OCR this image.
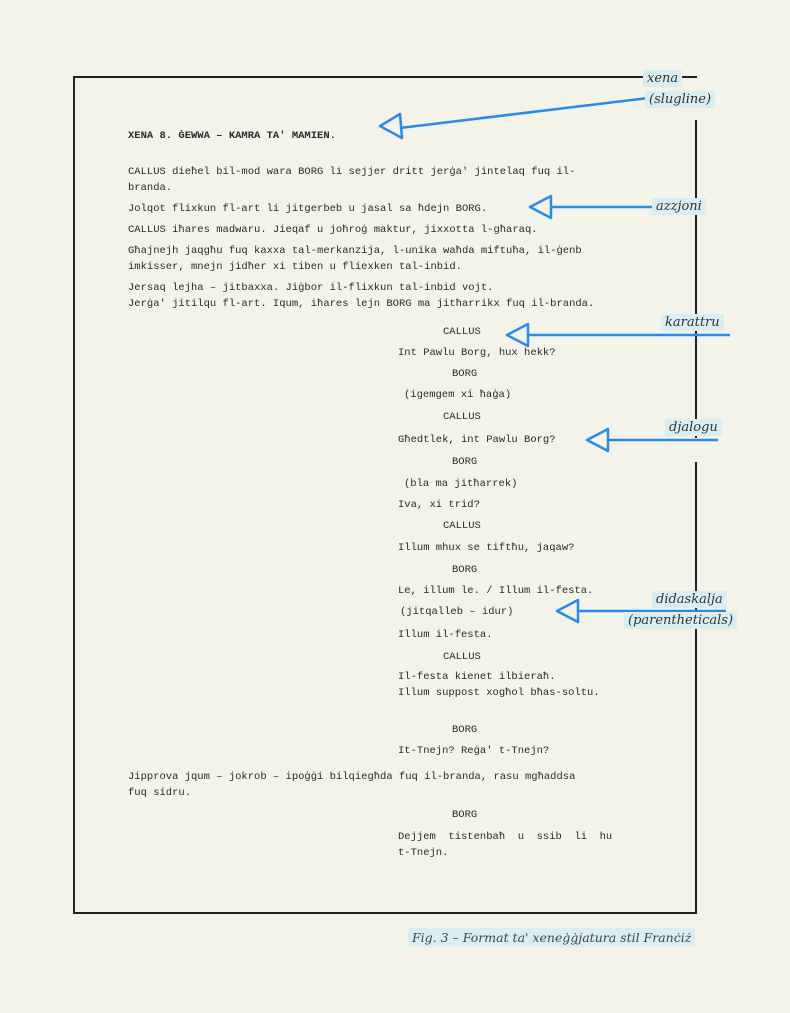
XENA 8. ĠEWWA – KAMRA TA' MAMIEN.
CALLUS dieħel bil-mod wara BORG li sejjer dritt jerġa' jintelaq fuq il-
branda.
Jolqot flixkun fl-art li jitgerbeb u jasal sa ħdejn BORG.
CALLUS iħares madwaru. Jieqaf u joħroġ maktur, jixxotta l-għaraq.
Għajnejh jaqgħu fuq kaxxa tal-merkanzija, l-unika waħda miftuħa, il-ġenb
imkisser, mnejn jidħer xi tiben u fliexken tal-inbid.
Jersaq lejha – jitbaxxa. Jiġbor il-flixkun tal-inbid vojt.
Jerġa' jitilqu fl-art. Iqum, iħares lejn BORG ma jitħarrikx fuq il-branda.
CALLUS
Int Pawlu Borg, hux hekk?
BORG
(igemgem xi ħaġa)
CALLUS
Għedtlek, int Pawlu Borg?
BORG
(bla ma jitħarrek)
Iva, xi trid?
CALLUS
Illum mhux se tiftħu, jaqaw?
BORG
Le, illum le. / Illum il-festa.
(jitqalleb – idur)
Illum il-festa.
CALLUS
Il-festa kienet ilbieraħ.
Illum suppost xogħol bħas-soltu.
BORG
It-Tnejn? Reġa' t-Tnejn?
Jipprova jqum – jokrob – ipoġġi bilqiegħda fuq il-branda, rasu mgħaddsa
fuq sidru.
BORG
Dejjem  tistenbaħ  u  ssib  li  hu
t-Tnejn.
xena
(slugline)
azzjoni
karattru
djalogu
didaskalja
(parentheticals)
Fig. 3 – Format ta' xeneġġjatura stil Franċiż
